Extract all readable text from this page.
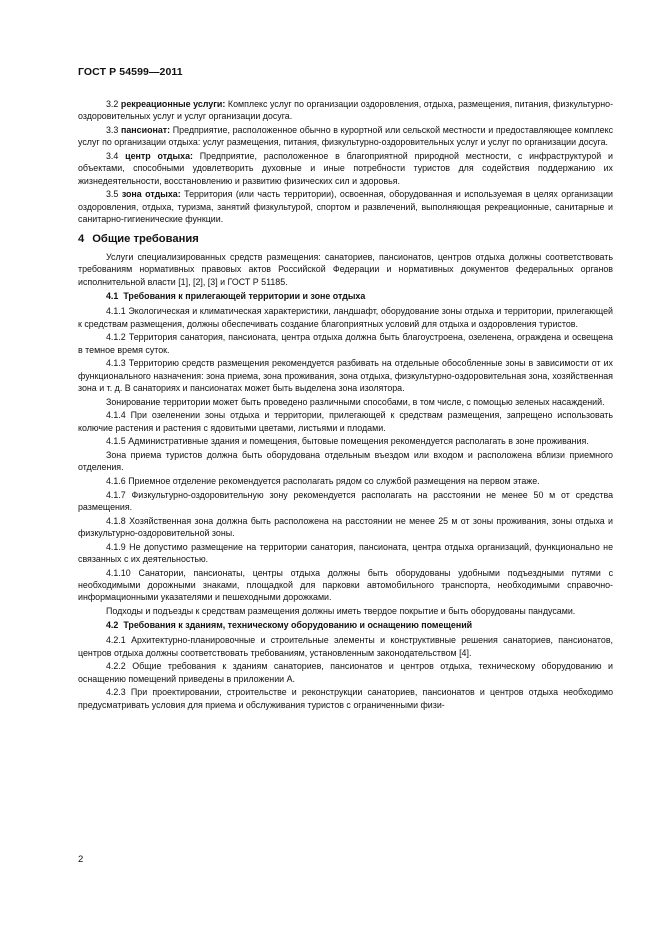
ГОСТ Р 54599—2011
3.2 рекреационные услуги: Комплекс услуг по организации оздоровления, отдыха, размещения, питания, физкультурно-оздоровительных услуг и услуг организации досуга.
3.3 пансионат: Предприятие, расположенное обычно в курортной или сельской местности и предоставляющее комплекс услуг по организации отдыха: услуг размещения, питания, физкультурно-оздоровительных услуг и услуг по организации досуга.
3.4 центр отдыха: Предприятие, расположенное в благоприятной природной местности, с инфраструктурой и объектами, способными удовлетворить духовные и иные потребности туристов для содействия поддержанию их жизнедеятельности, восстановлению и развитию физических сил и здоровья.
3.5 зона отдыха: Территория (или часть территории), освоенная, оборудованная и используемая в целях организации оздоровления, отдыха, туризма, занятий физкультурой, спортом и развлечений, выполняющая рекреационные, санитарные и санитарно-гигиенические функции.
4 Общие требования
Услуги специализированных средств размещения: санаториев, пансионатов, центров отдыха должны соответствовать требованиям нормативных правовых актов Российской Федерации и нормативных документов федеральных органов исполнительной власти [1], [2], [3] и ГОСТ Р 51185.
4.1 Требования к прилегающей территории и зоне отдыха
4.1.1 Экологическая и климатическая характеристики, ландшафт, оборудование зоны отдыха и территории, прилегающей к средствам размещения, должны обеспечивать создание благоприятных условий для отдыха и оздоровления туристов.
4.1.2 Территория санатория, пансионата, центра отдыха должна быть благоустроена, озеленена, ограждена и освещена в темное время суток.
4.1.3 Территорию средств размещения рекомендуется разбивать на отдельные обособленные зоны в зависимости от их функционального назначения: зона приема, зона проживания, зона отдыха, физкультурно-оздоровительная зона, хозяйственная зона и т. д. В санаториях и пансионатах может быть выделена зона изолятора.
Зонирование территории может быть проведено различными способами, в том числе, с помощью зеленых насаждений.
4.1.4 При озеленении зоны отдыха и территории, прилегающей к средствам размещения, запрещено использовать колючие растения и растения с ядовитыми цветами, листьями и плодами.
4.1.5 Административные здания и помещения, бытовые помещения рекомендуется располагать в зоне проживания.
Зона приема туристов должна быть оборудована отдельным въездом или входом и расположена вблизи приемного отделения.
4.1.6 Приемное отделение рекомендуется располагать рядом со службой размещения на первом этаже.
4.1.7 Физкультурно-оздоровительную зону рекомендуется располагать на расстоянии не менее 50 м от средства размещения.
4.1.8 Хозяйственная зона должна быть расположена на расстоянии не менее 25 м от зоны проживания, зоны отдыха и физкультурно-оздоровительной зоны.
4.1.9 Не допустимо размещение на территории санатория, пансионата, центра отдыха организаций, функционально не связанных с их деятельностью.
4.1.10 Санатории, пансионаты, центры отдыха должны быть оборудованы удобными подъездными путями с необходимыми дорожными знаками, площадкой для парковки автомобильного транспорта, необходимыми справочно-информационными указателями и пешеходными дорожками.
Подходы и подъезды к средствам размещения должны иметь твердое покрытие и быть оборудованы пандусами.
4.2 Требования к зданиям, техническому оборудованию и оснащению помещений
4.2.1 Архитектурно-планировочные и строительные элементы и конструктивные решения санаториев, пансионатов, центров отдыха должны соответствовать требованиям, установленным законодательством [4].
4.2.2 Общие требования к зданиям санаториев, пансионатов и центров отдыха, техническому оборудованию и оснащению помещений приведены в приложении А.
4.2.3 При проектировании, строительстве и реконструкции санаториев, пансионатов и центров отдыха необходимо предусматривать условия для приема и обслуживания туристов с ограниченными физи-
2
